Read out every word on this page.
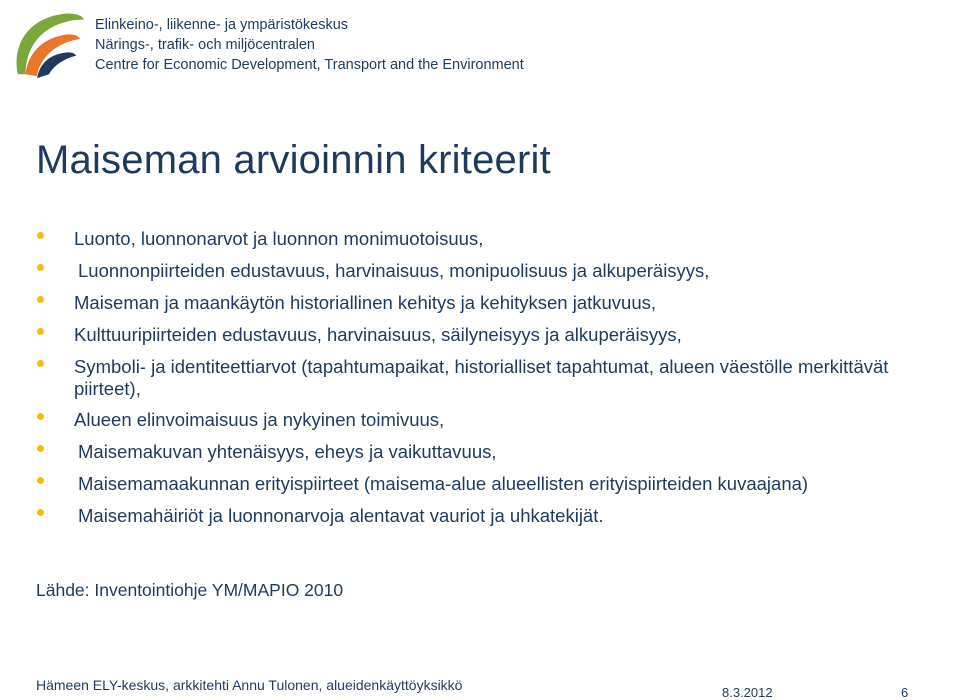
Elinkeino-, liikenne- ja ympäristökeskus
Närings-, trafik- och miljöcentralen
Centre for Economic Development, Transport and the Environment
Maiseman arvioinnin kriteerit
Luonto, luonnonarvot ja luonnon monimuotoisuus,
Luonnonpiirteiden edustavuus, harvinaisuus, monipuolisuus ja alkuperäisyys,
Maiseman ja maankäytön historiallinen kehitys ja kehityksen jatkuvuus,
Kulttuuripiirteiden edustavuus, harvinaisuus, säilyneisyys ja alkuperäisyys,
Symboli- ja identiteettiarvot (tapahtumapaikat, historialliset tapahtumat, alueen väestölle merkittävät piirteet),
Alueen elinvoimaisuus ja nykyinen toimivuus,
Maisemakuvan yhtenäisyys, eheys ja vaikuttavuus,
Maisemamaakunnan erityispiirteet (maisema-alue alueellisten erityispiirteiden kuvaajana)
Maisemahäiriöt ja luonnonarvoja alentavat vauriot ja uhkatekijät.
Lähde: Inventointiohje YM/MAPIO 2010
Hämeen ELY-keskus, arkkitehti Annu Tulonen, alueidenkäyttöyksikkö	8.3.2012	6
